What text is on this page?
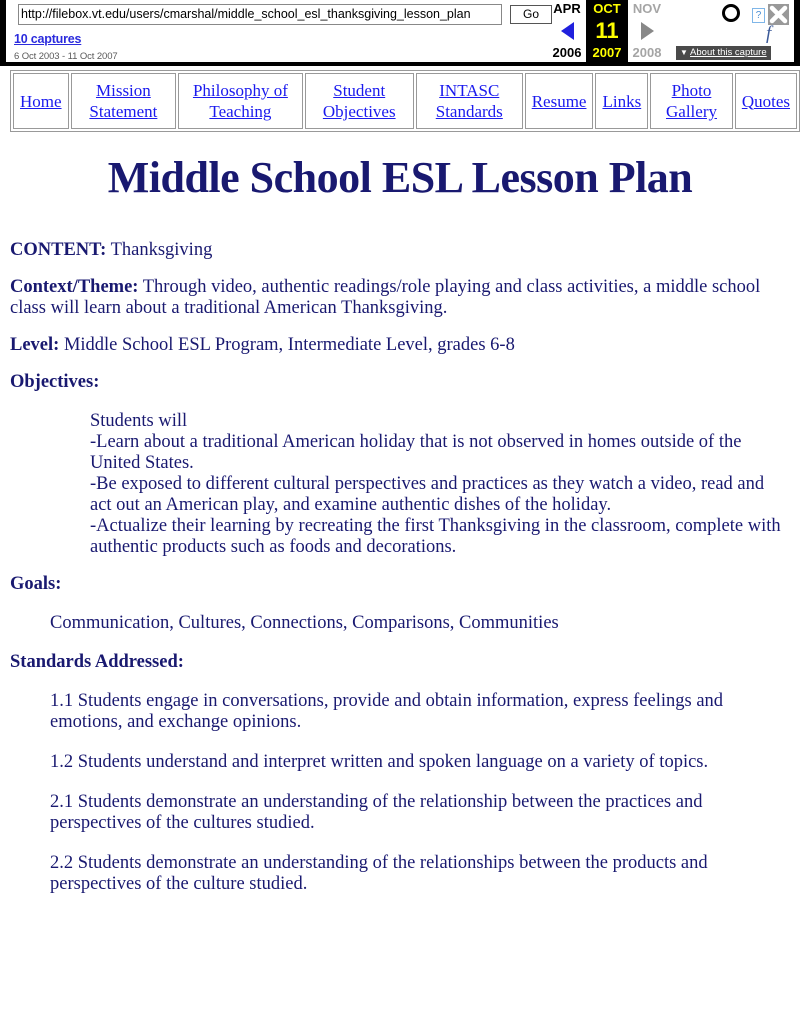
http://filebox.vt.edu/users/cmarshal/middle_school_esl_thanksgiving_lesson_plan
Go
10 captures
6 Oct 2003 - 11 Oct 2007
APR
2006
OCT
11
2007
NOV
2008
?
f
▼ About this capture
Home	Mission Statement	Philosophy of Teaching	Student Objectives	INTASC Standards	Resume	Links	Photo Gallery	Quotes
Middle School ESL Lesson Plan

CONTENT: Thanksgiving

Context/Theme: Through video, authentic readings/role playing and class activities, a middle school class will learn about a traditional American Thanksgiving.

Level: Middle School ESL Program, Intermediate Level, grades 6-8

Objectives:
Students will
-Learn about a traditional American holiday that is not observed in homes outside of the United States.
-Be exposed to different cultural perspectives and practices as they watch a video, read and act out an American play, and examine authentic dishes of the holiday.
-Actualize their learning by recreating the first Thanksgiving in the classroom, complete with authentic products such as foods and decorations.
Goals:
Communication, Cultures, Connections, Comparisons, Communities
Standards Addressed:
1.1 Students engage in conversations, provide and obtain information, express feelings and emotions, and exchange opinions.
1.2 Students understand and interpret written and spoken language on a variety of topics.
2.1 Students demonstrate an understanding of the relationship between the practices and perspectives of the cultures studied.
2.2 Students demonstrate an understanding of the relationships between the products and perspectives of the culture studied.
